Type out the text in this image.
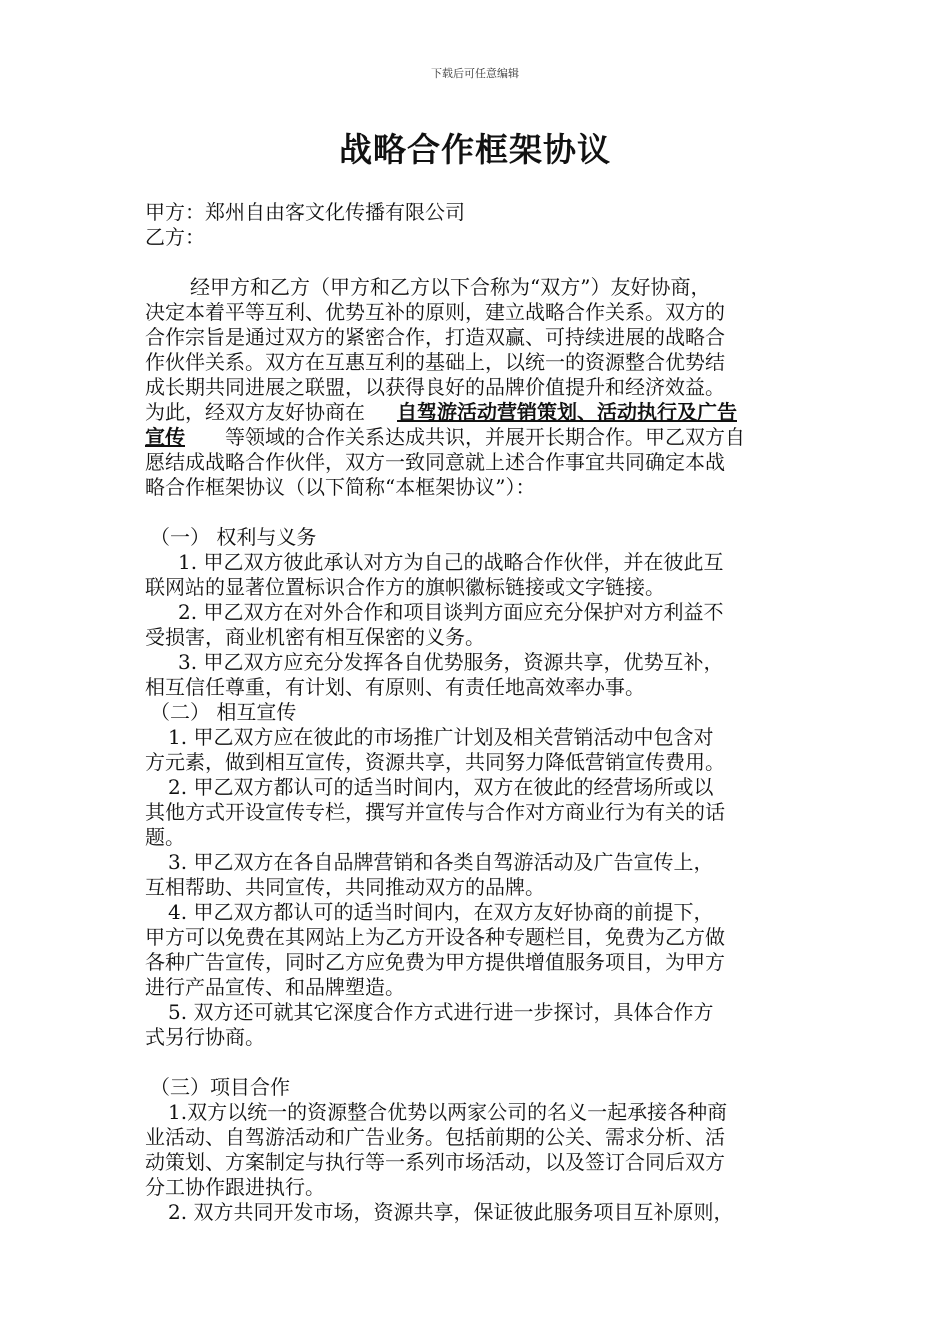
下载后可任意编辑
战略合作框架协议
甲方：郑州自由客文化传播有限公司
乙方：
经甲方和乙方（甲方和乙方以下合称为“双方”）友好协商，
决定本着平等互利、优势互补的原则，建立战略合作关系。双方的
合作宗旨是通过双方的紧密合作，打造双赢、可持续进展的战略合
作伙伴关系。双方在互惠互利的基础上，以统一的资源整合优势结
成长期共同进展之联盟，以获得良好的品牌价值提升和经济效益。
为此，经双方友好协商在 自驾游活动营销策划、活动执行及广告
宣传 等领域的合作关系达成共识，并展开长期合作。甲乙双方自
愿结成战略合作伙伴，双方一致同意就上述合作事宜共同确定本战
略合作框架协议（以下简称“本框架协议”）：
（一） 权利与义务
1. 甲乙双方彼此承认对方为自己的战略合作伙伴，并在彼此互
联网站的显著位置标识合作方的旗帜徽标链接或文字链接。
2. 甲乙双方在对外合作和项目谈判方面应充分保护对方利益不
受损害，商业机密有相互保密的义务。
3. 甲乙双方应充分发挥各自优势服务，资源共享，优势互补，
相互信任尊重，有计划、有原则、有责任地高效率办事。
（二） 相互宣传
1. 甲乙双方应在彼此的市场推广计划及相关营销活动中包含对
方元素，做到相互宣传，资源共享，共同努力降低营销宣传费用。
2. 甲乙双方都认可的适当时间内，双方在彼此的经营场所或以
其他方式开设宣传专栏，撰写并宣传与合作对方商业行为有关的话
题。
3. 甲乙双方在各自品牌营销和各类自驾游活动及广告宣传上，
互相帮助、共同宣传，共同推动双方的品牌。
4. 甲乙双方都认可的适当时间内，在双方友好协商的前提下，
甲方可以免费在其网站上为乙方开设各种专题栏目，免费为乙方做
各种广告宣传，同时乙方应免费为甲方提供增值服务项目，为甲方
进行产品宣传、和品牌塑造。
5. 双方还可就其它深度合作方式进行进一步探讨，具体合作方
式另行协商。
（三）项目合作
1.双方以统一的资源整合优势以两家公司的名义一起承接各种商
业活动、自驾游活动和广告业务。包括前期的公关、需求分析、活
动策划、方案制定与执行等一系列市场活动，以及签订合同后双方
分工协作跟进执行。
2. 双方共同开发市场，资源共享，保证彼此服务项目互补原则，
